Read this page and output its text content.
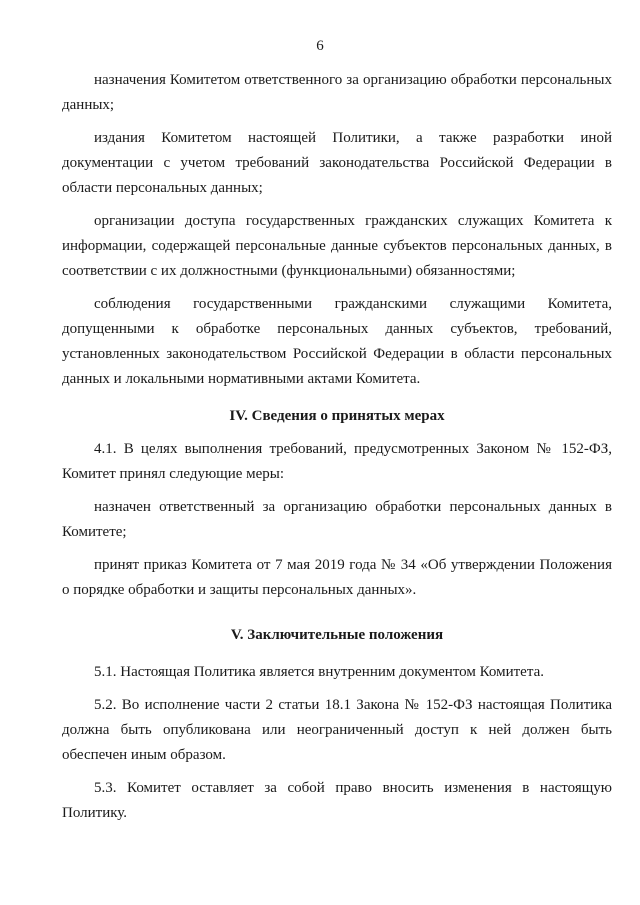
6

назначения Комитетом ответственного за организацию обработки персональных данных;

издания Комитетом настоящей Политики, а также разработки иной документации с учетом требований законодательства Российской Федерации в области персональных данных;

организации доступа государственных гражданских служащих Комитета к информации, содержащей персональные данные субъектов персональных данных, в соответствии с их должностными (функциональными) обязанностями;

соблюдения государственными гражданскими служащими Комитета, допущенными к обработке персональных данных субъектов, требований, установленных законодательством Российской Федерации в области персональных данных и локальными нормативными актами Комитета.

IV. Сведения о принятых мерах

4.1. В целях выполнения требований, предусмотренных Законом № 152-ФЗ, Комитет принял следующие меры:

назначен ответственный за организацию обработки персональных данных в Комитете;

принят приказ Комитета от 7 мая 2019 года № 34 «Об утверждении Положения о порядке обработки и защиты персональных данных».

V. Заключительные положения

5.1. Настоящая Политика является внутренним документом Комитета.

5.2. Во исполнение части 2 статьи 18.1 Закона № 152-ФЗ настоящая Политика должна быть опубликована или неограниченный доступ к ней должен быть обеспечен иным образом.

5.3. Комитет оставляет за собой право вносить изменения в настоящую Политику.
